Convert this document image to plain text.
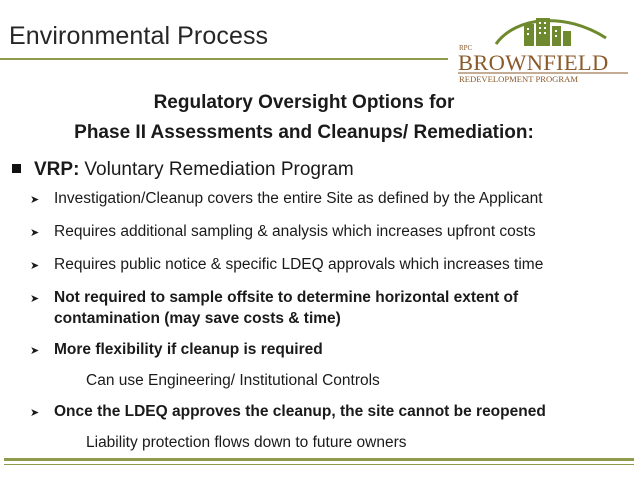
Environmental Process	RPC
BROWNFIELD
REDEVELOPMENT PROGRAM
Regulatory Oversight Options for
Phase II Assessments and Cleanups/ Remediation:
VRP: Voluntary Remediation Program
➤ Investigation/Cleanup covers the entire Site as defined by the Applicant
➤ Requires additional sampling & analysis which increases upfront costs
➤ Requires public notice & specific LDEQ approvals which increases time
➤ Not required to sample offsite to determine horizontal extent of contamination (may save costs & time)
➤ More flexibility if cleanup is required
Can use Engineering/ Institutional Controls
➤ Once the LDEQ approves the cleanup, the site cannot be reopened
Liability protection flows down to future owners
